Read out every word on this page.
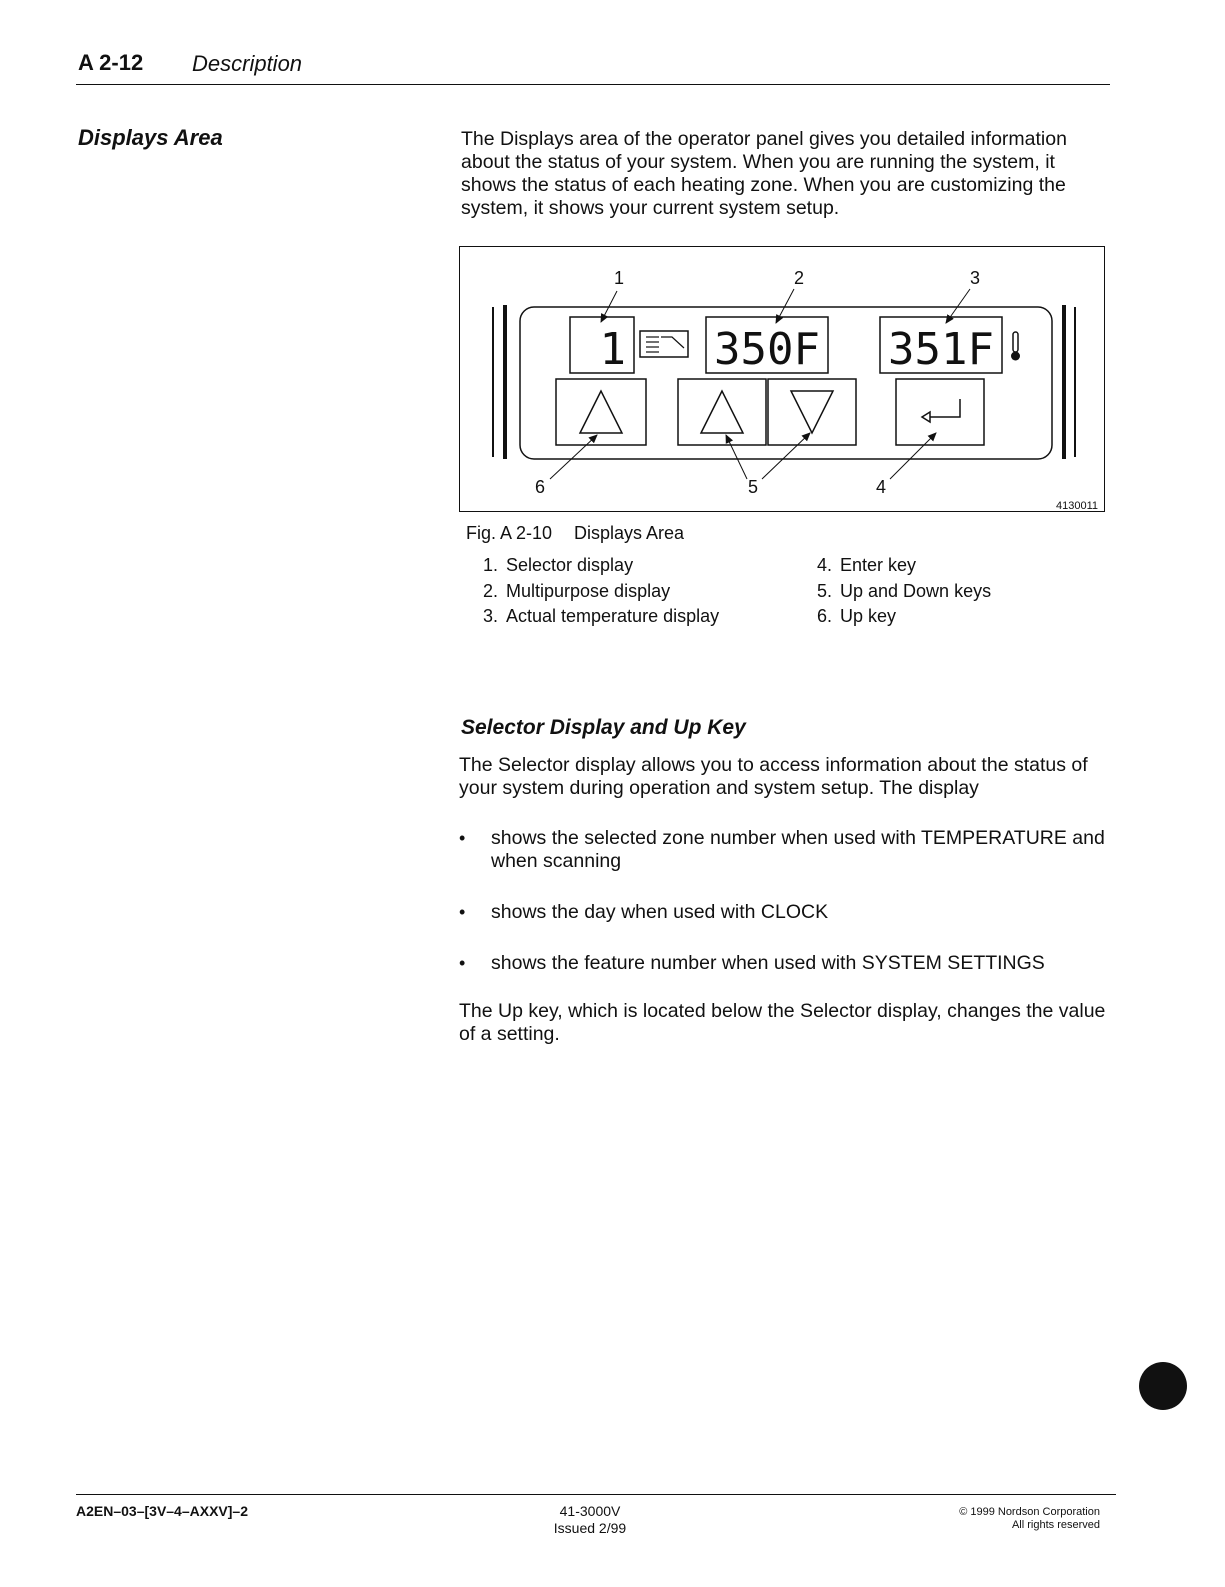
A 2-12 Description
Displays Area	The Displays area of the operator panel gives you detailed information about the status of your system. When you are running the system, it shows the status of each heating zone. When you are customizing the system, it shows your current system setup.
1 350F 351F
1	2	3
4
5
6
4130011
Fig. A 2-10 Displays Area
1. Selector display
2. Multipurpose display
3. Actual temperature display
4. Enter key
5. Up and Down keys
6. Up key
Selector Display and Up Key
The Selector display allows you to access information about the status of your system during operation and system setup. The display
• shows the selected zone number when used with TEMPERATURE and when scanning
• shows the day when used with CLOCK
• shows the feature number when used with SYSTEM SETTINGS
The Up key, which is located below the Selector display, changes the value of a setting.
A2EN–03–[3V–4–AXXV]–2	41-3000V
Issued 2/99
© 1999 Nordson Corporation
All rights reserved
